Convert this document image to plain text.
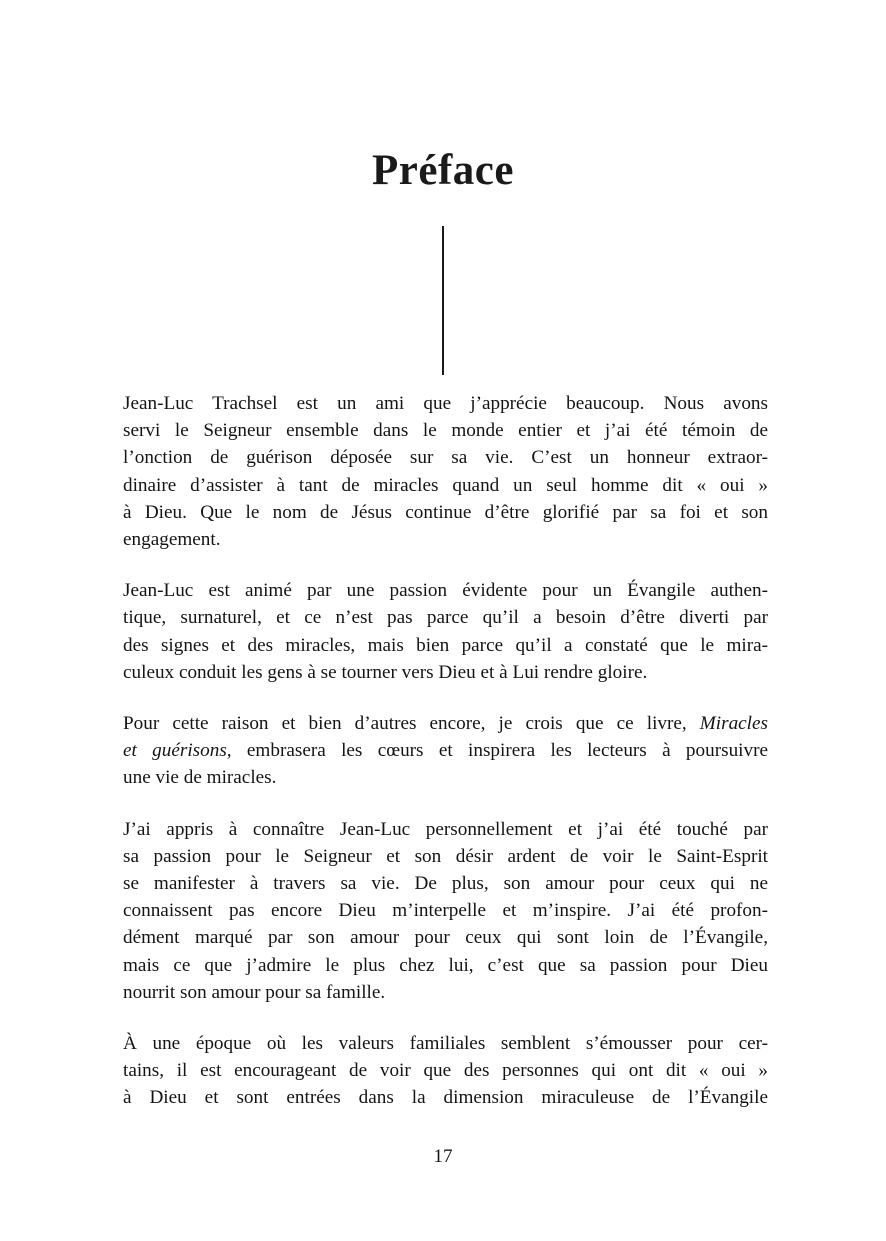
Préface

Jean-Luc Trachsel est un ami que j’apprécie beaucoup. Nous avons
servi le Seigneur ensemble dans le monde entier et j’ai été témoin de
l’onction de guérison déposée sur sa vie. C’est un honneur extraor-
dinaire d’assister à tant de miracles quand un seul homme dit « oui »
à Dieu. Que le nom de Jésus continue d’être glorifié par sa foi et son
engagement.

Jean-Luc est animé par une passion évidente pour un Évangile authen-
tique, surnaturel, et ce n’est pas parce qu’il a besoin d’être diverti par
des signes et des miracles, mais bien parce qu’il a constaté que le mira-
culeux conduit les gens à se tourner vers Dieu et à Lui rendre gloire.

Pour cette raison et bien d’autres encore, je crois que ce livre, Miracles
et guérisons, embrasera les cœurs et inspirera les lecteurs à poursuivre
une vie de miracles.

J’ai appris à connaître Jean-Luc personnellement et j’ai été touché par
sa passion pour le Seigneur et son désir ardent de voir le Saint-Esprit
se manifester à travers sa vie. De plus, son amour pour ceux qui ne
connaissent pas encore Dieu m’interpelle et m’inspire. J’ai été profon-
dément marqué par son amour pour ceux qui sont loin de l’Évangile,
mais ce que j’admire le plus chez lui, c’est que sa passion pour Dieu
nourrit son amour pour sa famille.

À une époque où les valeurs familiales semblent s’émousser pour cer-
tains, il est encourageant de voir que des personnes qui ont dit « oui »
à Dieu et sont entrées dans la dimension miraculeuse de l’Évangile

17
